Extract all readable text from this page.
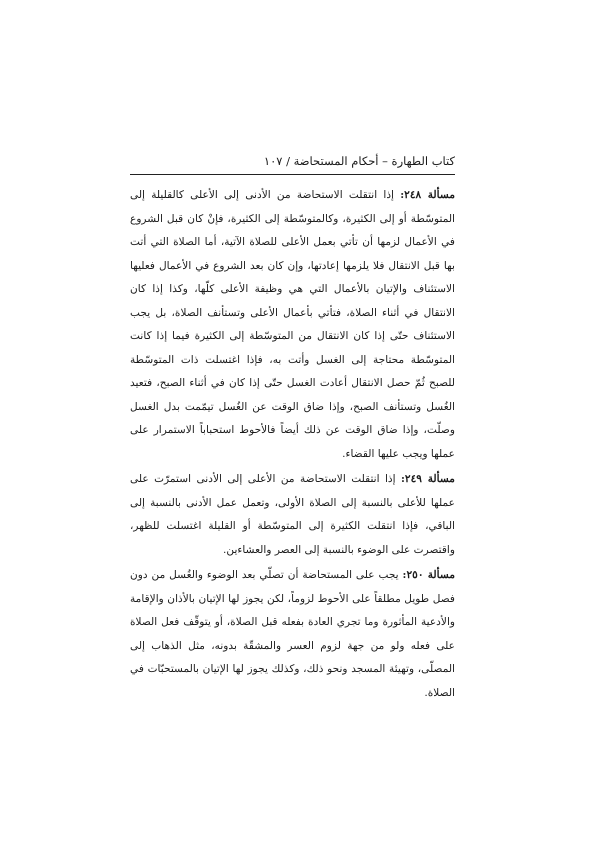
كتاب الطهارة – أحكام المستحاضة / ١٠٧

مسألة ٢٤٨: إذا انتقلت الاستحاضة من الأدنى إلى الأعلى كالقليلة إلى المتوسّطة أو إلى الكثيرة، وكالمتوسّطة إلى الكثيرة، فإنْ كان قبل الشروع في الأعمال لزمها أن تأتي بعمل الأعلى للصلاة الآتية، أما الصلاة التي أتت بها قبل الانتقال فلا يلزمها إعادتها، وإن كان بعد الشروع في الأعمال فعليها الاستئناف والإتيان بالأعمال التي هي وظيفة الأعلى كلّها، وكذا إذا كان الانتقال في أثناء الصلاة، فتأتي بأعمال الأعلى وتستأنف الصلاة، بل يجب الاستئناف حتّى إذا كان الانتقال من المتوسّطة إلى الكثيرة فيما إذا كانت المتوسّطة محتاجة إلى الغسل وأتت به، فإذا اغتسلت ذات المتوسّطة للصبح ثُمّ حصل الانتقال أعادت الغسل حتّى إذا كان في أثناء الصبح، فتعيد الغُسل وتستأنف الصبح، وإذا ضاق الوقت عن الغُسل تيمّمت بدل الغسل وصلّت، وإذا ضاق الوقت عن ذلك أيضاً فالأحوط استحباباً الاستمرار على عملها ويجب عليها القضاء.

مسألة ٢٤٩: إذا انتقلت الاستحاضة من الأعلى إلى الأدنى استمرّت على عملها للأعلى بالنسبة إلى الصلاة الأولى، وتعمل عمل الأدنى بالنسبة إلى الباقي، فإذا انتقلت الكثيرة إلى المتوسّطة أو القليلة اغتسلت للظهر، واقتصرت على الوضوء بالنسبة إلى العصر والعشاءين.

مسألة ٢٥٠: يجب على المستحاضة أن تصلّي بعد الوضوء والغُسل من دون فصل طويل مطلقاً على الأحوط لزوماً، لكن يجوز لها الإتيان بالأذان والإقامة والأدعية المأثورة وما تجري العادة بفعله قبل الصلاة، أو يتوقّف فعل الصلاة على فعله ولو من جهة لزوم العسر والمشقّة بدونه، مثل الذهاب إلى المصلّى، وتهيئة المسجد ونحو ذلك، وكذلك يجوز لها الإتيان بالمستحبّات في الصلاة.
